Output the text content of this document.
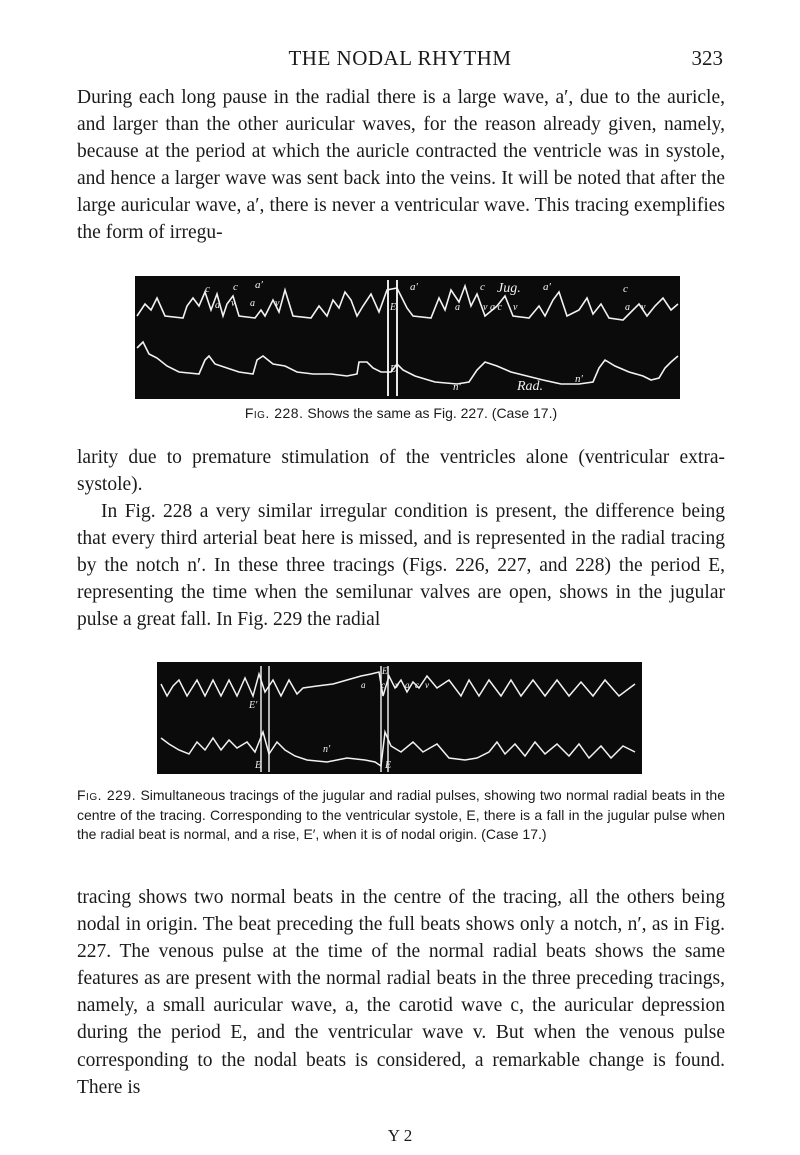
THE NODAL RHYTHM	323

During each long pause in the radial there is a large wave, a′, due to the auricle, and larger than the other auricular waves, for the reason already given, namely, because at the period at which the auricle contracted the ventricle was in systole, and hence a larger wave was sent back into the veins. It will be noted that after the large auricular wave, a′, there is never a ventricular wave. This tracing exemplifies the form of irregu-

c c a′
a v a v	E
a′	c Jug. a′	c
a v a c v	a v
E
n′	Rad.	n′

Fig. 228. Shows the same as Fig. 227. (Case 17.)

larity due to premature stimulation of the ventricles alone (ventricular extra-systole).

In Fig. 228 a very similar irregular condition is present, the difference being that every third arterial beat here is missed, and is represented in the radial tracing by the notch n′. In these three tracings (Figs. 226, 227, and 228) the period E, representing the time when the semilunar valves are open, shows in the jugular pulse a great fall. In Fig. 229 the radial

E
a c v a c v
E′
E
n′
E

Fig. 229. Simultaneous tracings of the jugular and radial pulses, showing two normal radial beats in the centre of the tracing. Corresponding to the ventricular systole, E, there is a fall in the jugular pulse when the radial beat is normal, and a rise, E′, when it is of nodal origin. (Case 17.)

tracing shows two normal beats in the centre of the tracing, all the others being nodal in origin. The beat preceding the full beats shows only a notch, n′, as in Fig. 227. The venous pulse at the time of the normal radial beats shows the same features as are present with the normal radial beats in the three preceding tracings, namely, a small auricular wave, a, the carotid wave c, the auricular depression during the period E, and the ventricular wave v. But when the venous pulse corresponding to the nodal beats is considered, a remarkable change is found. There is

Y 2
